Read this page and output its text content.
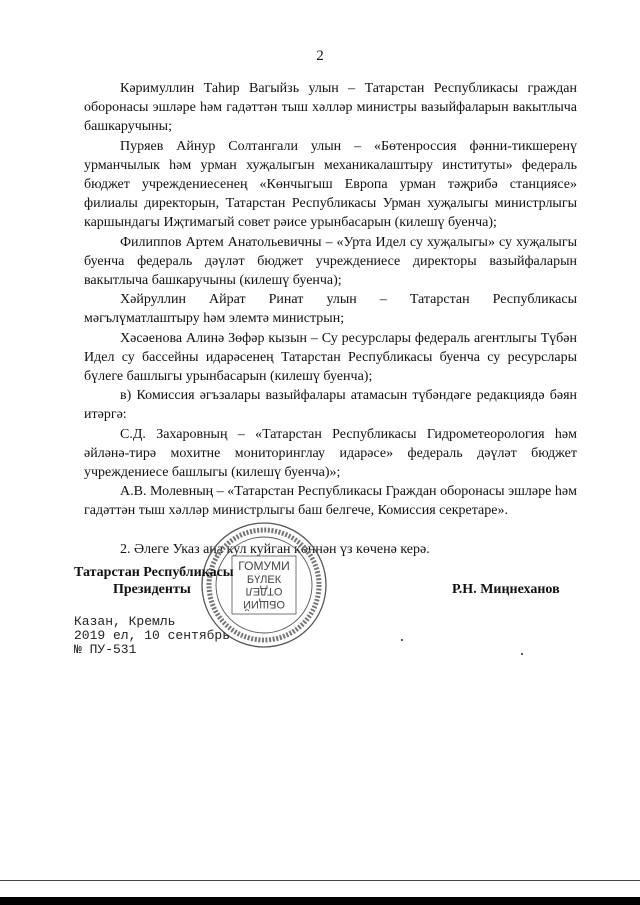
2

Кәримуллин Таһир Вагыйзь улын – Татарстан Республикасы граждан оборонасы эшләре һәм гадәттән тыш хәлләр министры вазыйфаларын вакытлыча башкаручыны;

Пуряев Айнур Солтангали улын – «Бөтенроссия фәнни-тикшеренү урманчылык һәм урман хуҗалыгын механикалаштыру институты» федераль бюджет учреждениесенең «Көнчыгыш Европа урман тәҗрибә станциясе» филиалы директорын, Татарстан Республикасы Урман хуҗалыгы министрлыгы каршындагы Иҗтимагый совет рәисе урынбасарын (килешү буенча);

Филиппов Артем Анатольевичны – «Урта Идел су хуҗалыгы» су хуҗалыгы буенча федераль дәүләт бюджет учреждениесе директоры вазыйфаларын вакытлыча башкаручыны (килешү буенча);

Хәйруллин Айрат Ринат улын – Татарстан Республикасы мәгълүматлаштыру һәм элемтә министрын;

Хәсәенова Алинә Зөфәр кызын – Су ресурслары федераль агентлыгы Түбән Идел су бассейны идарәсенең Татарстан Республикасы буенча су ресурслары бүлеге башлыгы урынбасарын (килешү буенча);

в) Комиссия әгъзалары вазыйфалары атамасын түбәндәге редакциядә бәян итәргә:

С.Д. Захаровның – «Татарстан Республикасы Гидрометеорология һәм әйләнә-тирә мохитне мониторинглау идарәсе» федераль дәүләт бюджет учреждениесе башлыгы (килешү буенча)»;

А.В. Молевның – «Татарстан Республикасы Граждан оборонасы эшләре һәм гадәттән тыш хәлләр министрлыгы баш белгече, Комиссия секретаре».

2. Әлеге Указ аңа кул куйган көннән үз көченә керә.

ГОМУМИ
БҮЛЕК
ОТДЕЛ
ОБЩИЙ
Татарстан Республикасы
Президенты	Р.Н. Миңнеханов
Казан, Кремль
2019 ел, 10 сентябрь
№ ПУ-531
